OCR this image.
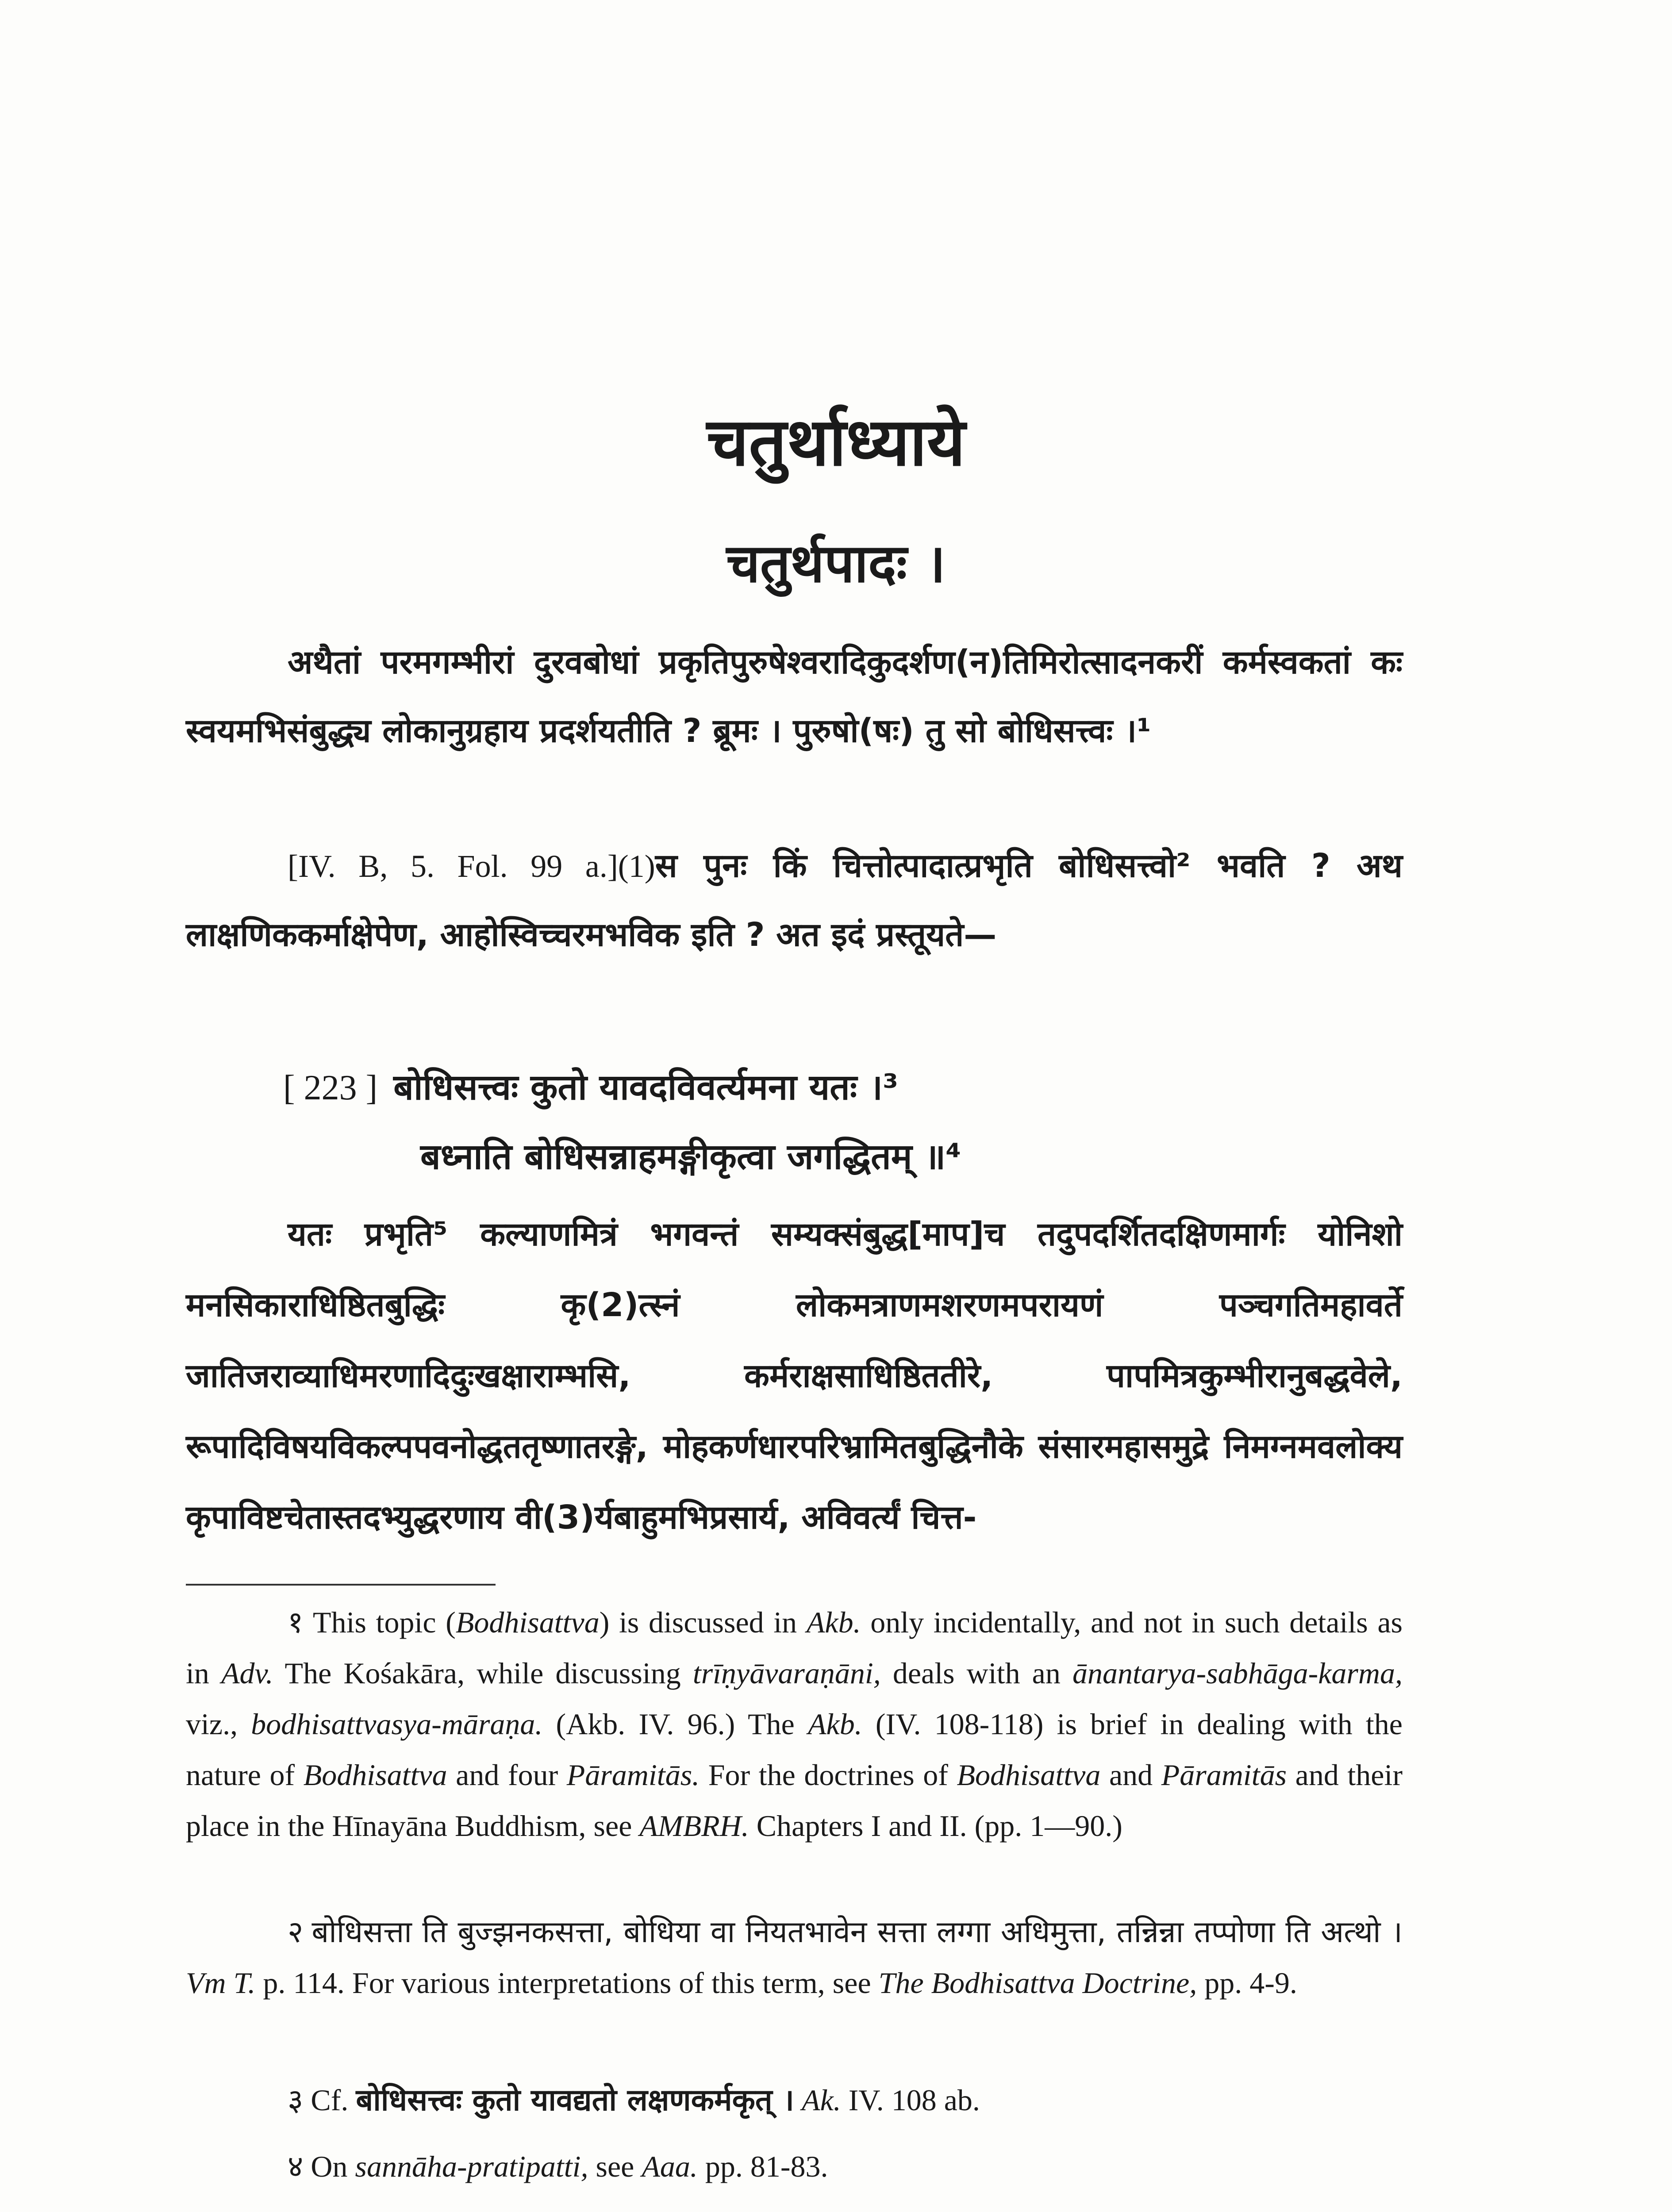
चतुर्थाध्याये
चतुर्थपादः ।

अथैतां परमगम्भीरां दुरवबोधां प्रकृतिपुरुषेश्वरादिकुदर्शण(न)तिमिरोत्सादनकरीं कर्मस्वकतां कः स्वयमभिसंबुद्ध्य लोकानुग्रहाय प्रदर्शयतीति ? ब्रूमः । पुरुषो(षः) तु सो बोधिसत्त्वः ।¹

[IV. B, 5. Fol. 99 a.](1)स पुनः किं चित्तोत्पादात्प्रभृति बोधिसत्त्वो² भवति ? अथ लाक्षणिककर्माक्षेपेण, आहोस्विच्चरमभविक इति ? अत इदं प्रस्तूयते—

[ 223 ] बोधिसत्त्वः कुतो यावदविवर्त्यमना यतः ।³
बध्नाति बोधिसन्नाहमङ्गीकृत्वा जगद्धितम् ॥⁴

यतः प्रभृति⁵ कल्याणमित्रं भगवन्तं सम्यक्संबुद्ध[माप]च तदुपदर्शितदक्षिणमार्गः योनिशो मनसिकाराधिष्ठितबुद्धिः कृ(2)त्स्नं लोकमत्राणमशरणमपरायणं पञ्चगतिमहावर्ते जातिजराव्याधिमरणादिदुःखक्षाराम्भसि, कर्मराक्षसाधिष्ठिततीरे, पापमित्रकुम्भीरानुबद्धवेले, रूपादिविषयविकल्पपवनोद्धततृष्णातरङ्गे, मोहकर्णधारपरिभ्रामितबुद्धिनौके संसारमहासमुद्रे निमग्नमवलोक्य कृपाविष्टचेतास्तदभ्युद्धरणाय वी(3)र्यबाहुमभिप्रसार्य, अविवर्त्यं चित्त-

१ This topic (Bodhisattva) is discussed in Akb. only incidentally, and not in such details as in Adv. The Kośakāra, while discussing trīṇyāvaraṇāni, deals with an ānantarya-sabhāga-karma, viz., bodhisattvasya-māraṇa. (Akb. IV. 96.) The Akb. (IV. 108-118) is brief in dealing with the nature of Bodhisattva and four Pāramitās. For the doctrines of Bodhisattva and Pāramitās and their place in the Hīnayāna Buddhism, see AMBRH. Chapters I and II. (pp. 1—90.)

२ बोधिसत्ता ति बुज्झनकसत्ता, बोधिया वा नियतभावेन सत्ता लग्गा अधिमुत्ता, तन्निन्ना तप्पोणा ति अत्थो । Vm T. p. 114. For various interpretations of this term, see The Bodhisattva Doctrine, pp. 4-9.

३ Cf. बोधिसत्त्वः कुतो यावद्यतो लक्षणकर्मकृत् । Ak. IV. 108 ab.

४ On sannāha-pratipatti, see Aaa. pp. 81-83.
